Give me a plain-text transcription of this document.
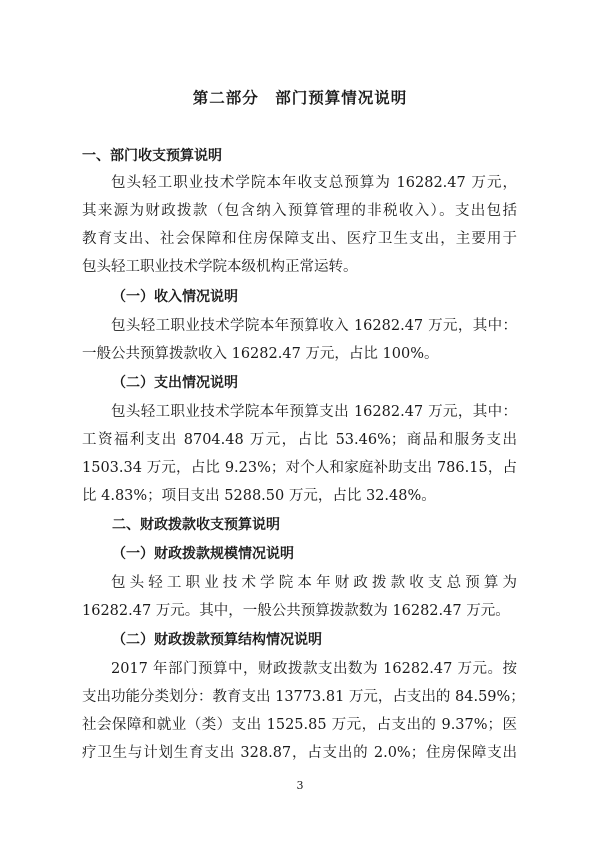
第二部分　部门预算情况说明
一、部门收支预算说明
包头轻工职业技术学院本年收支总预算为 16282.47 万元，
其来源为财政拨款（包含纳入预算管理的非税收入）。支出包括
教育支出、社会保障和住房保障支出、医疗卫生支出，主要用于
包头轻工职业技术学院本级机构正常运转。
（一）收入情况说明
包头轻工职业技术学院本年预算收入 16282.47 万元，其中：
一般公共预算拨款收入 16282.47 万元，占比 100%。
（二）支出情况说明
包头轻工职业技术学院本年预算支出 16282.47 万元，其中：
工资福利支出 8704.48 万元，占比 53.46%；商品和服务支出
1503.34 万元，占比 9.23%；对个人和家庭补助支出 786.15，占
比 4.83%；项目支出 5288.50 万元，占比 32.48%。
二、财政拨款收支预算说明
（一）财政拨款规模情况说明
包头轻工职业技术学院本年财政拨款收支总预算为
16282.47 万元。其中，一般公共预算拨款数为 16282.47 万元。
（二）财政拨款预算结构情况说明
2017 年部门预算中，财政拨款支出数为 16282.47 万元。按
支出功能分类划分：教育支出 13773.81 万元，占支出的 84.59%；
社会保障和就业（类）支出 1525.85 万元，占支出的 9.37%；医
疗卫生与计划生育支出 328.87，占支出的 2.0%；住房保障支出
3
